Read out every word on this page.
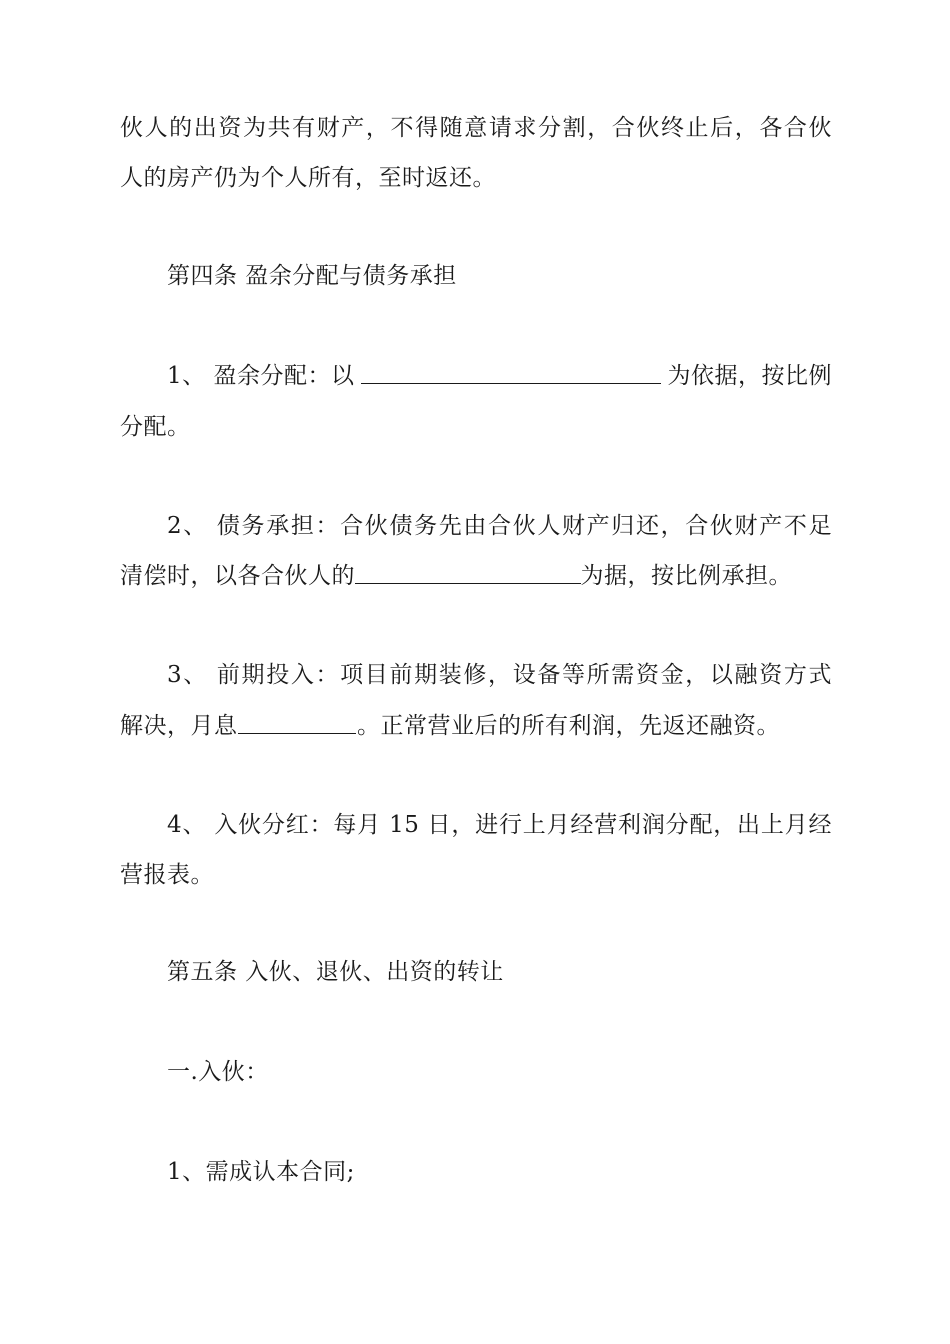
伙人的出资为共有财产，不得随意请求分割，合伙终止后，各合伙
人的房产仍为个人所有，至时返还。
第四条 盈余分配与债务承担
1、 盈余分配：以	为依据，按比例
分配。
2、 债务承担：合伙债务先由合伙人财产归还，合伙财产不足
清偿时，以各合伙人的	为据，按比例承担。
3、 前期投入：项目前期装修，设备等所需资金，以融资方式
解决，月息	。正常营业后的所有利润，先返还融资。
4、 入伙分红：每月 15 日，进行上月经营利润分配，出上月经
营报表。
第五条 入伙、退伙、出资的转让
一.入伙：
1、需成认本合同;
